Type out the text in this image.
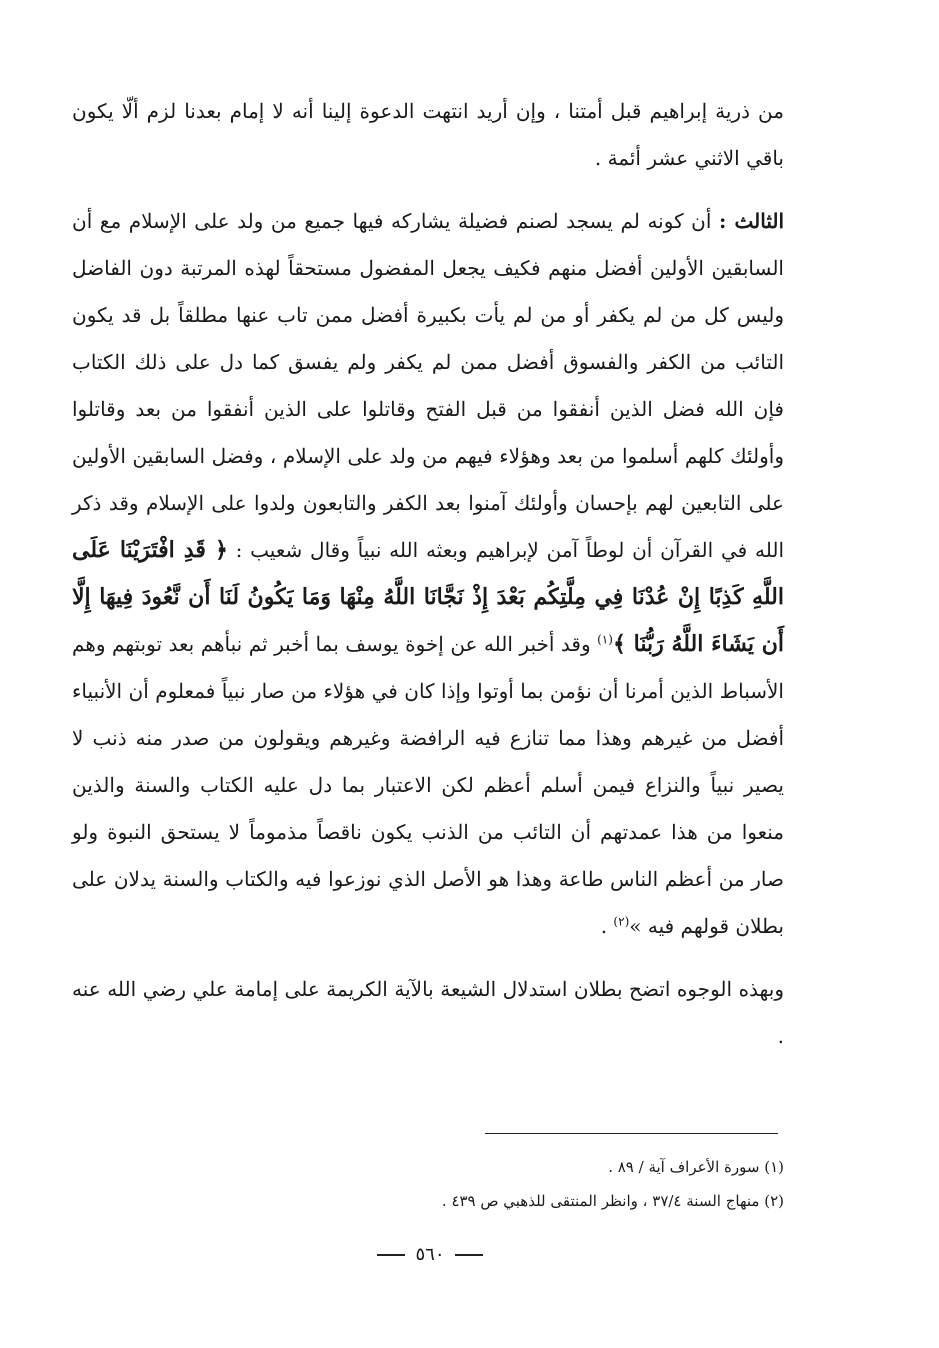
من ذرية إبراهيم قبل أمتنا ، وإن أريد انتهت الدعوة إلينا أنه لا إمام بعدنا لزم ألّا يكون باقي الاثني عشر أئمة .

الثالث : أن كونه لم يسجد لصنم فضيلة يشاركه فيها جميع من ولد على الإسلام مع أن السابقين الأولين أفضل منهم فكيف يجعل المفضول مستحقاً لهذه المرتبة دون الفاضل وليس كل من لم يكفر أو من لم يأت بكبيرة أفضل ممن تاب عنها مطلقاً بل قد يكون التائب من الكفر والفسوق أفضل ممن لم يكفر ولم يفسق كما دل على ذلك الكتاب فإن الله فضل الذين أنفقوا من قبل الفتح وقاتلوا على الذين أنفقوا من بعد وقاتلوا وأولئك كلهم أسلموا من بعد وهؤلاء فيهم من ولد على الإسلام ، وفضل السابقين الأولين على التابعين لهم بإحسان وأولئك آمنوا بعد الكفر والتابعون ولدوا على الإسلام وقد ذكر الله في القرآن أن لوطاً آمن لإبراهيم وبعثه الله نبياً وقال شعيب : ﴿ قَدِ افْتَرَيْنَا عَلَى اللَّهِ كَذِبًا إِنْ عُدْنَا فِي مِلَّتِكُم بَعْدَ إِذْ نَجَّانَا اللَّهُ مِنْهَا وَمَا يَكُونُ لَنَا أَن نَّعُودَ فِيهَا إِلَّا أَن يَشَاءَ اللَّهُ رَبُّنَا ﴾$^{(١)}$ وقد أخبر الله عن إخوة يوسف بما أخبر ثم نبأهم بعد توبتهم وهم الأسباط الذين أمرنا أن نؤمن بما أوتوا وإذا كان في هؤلاء من صار نبياً فمعلوم أن الأنبياء أفضل من غيرهم وهذا مما تنازع فيه الرافضة وغيرهم ويقولون من صدر منه ذنب لا يصير نبياً والنزاع فيمن أسلم أعظم لكن الاعتبار بما دل عليه الكتاب والسنة والذين منعوا من هذا عمدتهم أن التائب من الذنب يكون ناقصاً مذموماً لا يستحق النبوة ولو صار من أعظم الناس طاعة وهذا هو الأصل الذي نوزعوا فيه والكتاب والسنة يدلان على بطلان قولهم فيه »$^{(٢)}$ .

وبهذه الوجوه اتضح بطلان استدلال الشيعة بالآية الكريمة على إمامة علي رضي الله عنه .

(١) سورة الأعراف آية / ٨٩ .

(٢) منهاج السنة ٣٧/٤ ، وانظر المنتقى للذهبي ص ٤٣٩ .

٥٦٠
